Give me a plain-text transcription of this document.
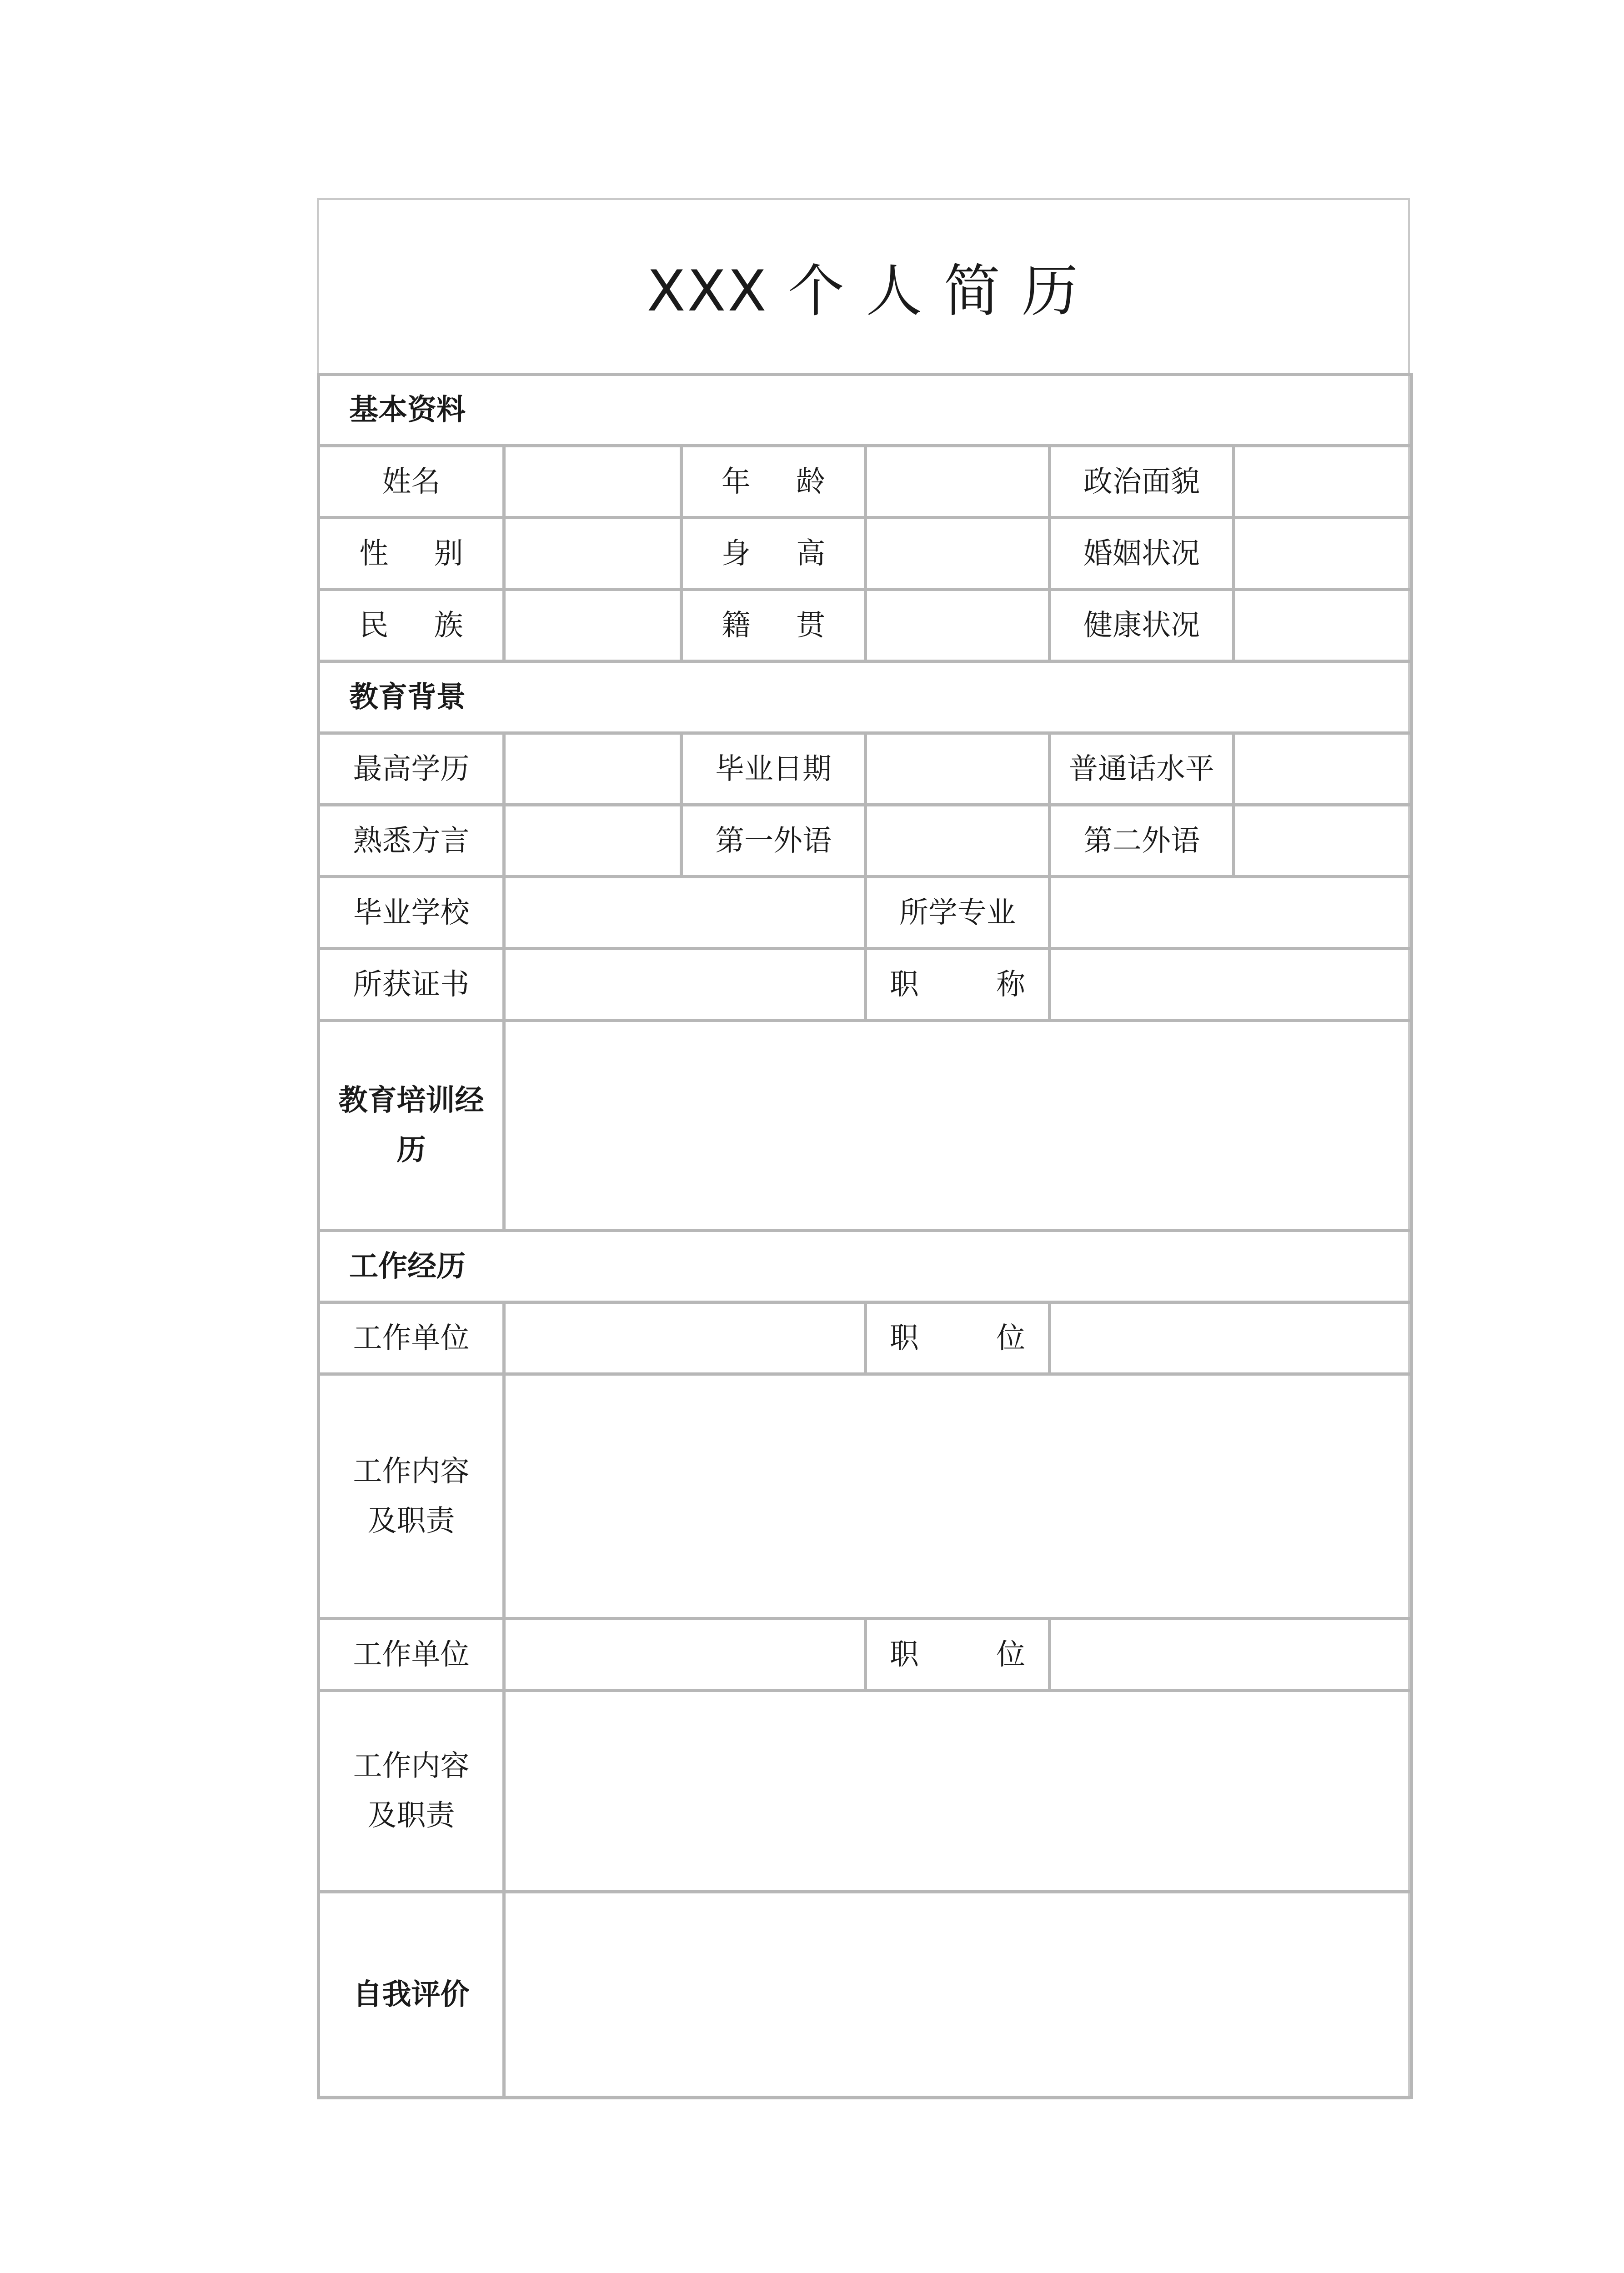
XXX 个 人 简 历
基本资料					
姓名		年 龄		政治面貌	
性 别		身 高		婚姻状况	
民 族		籍 贯		健康状况	
教育背景					
最高学历		毕业日期		普通话水平	
熟悉方言		第一外语		第二外语	
毕业学校			所学专业		
所获证书			职 称		

教育培训经
历					

工作经历					
工作单位			职 位		

工作内容
及职责					

工作单位			职 位		

工作内容
及职责					

自我评价					
